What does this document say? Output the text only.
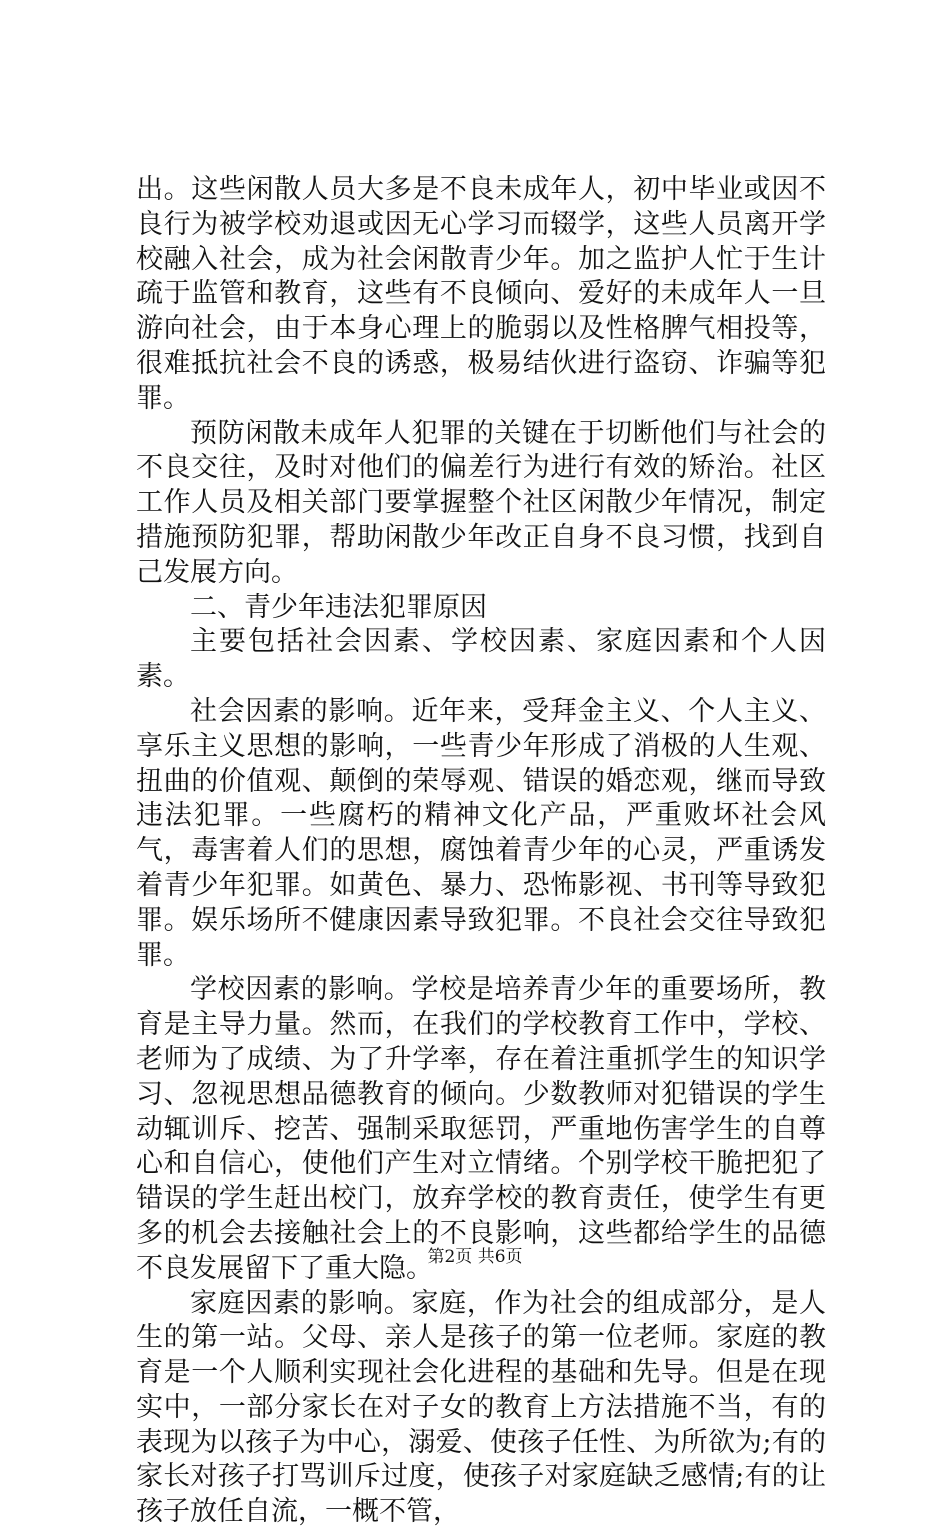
出。这些闲散人员大多是不良未成年人，初中毕业或因不良行为被学校劝退或因无心学习而辍学，这些人员离开学校融入社会，成为社会闲散青少年。加之监护人忙于生计疏于监管和教育，这些有不良倾向、爱好的未成年人一旦游向社会，由于本身心理上的脆弱以及性格脾气相投等，很难抵抗社会不良的诱惑，极易结伙进行盗窃、诈骗等犯罪。

预防闲散未成年人犯罪的关键在于切断他们与社会的不良交往，及时对他们的偏差行为进行有效的矫治。社区工作人员及相关部门要掌握整个社区闲散少年情况，制定措施预防犯罪，帮助闲散少年改正自身不良习惯，找到自己发展方向。

二、青少年违法犯罪原因

主要包括社会因素、学校因素、家庭因素和个人因素。

社会因素的影响。近年来，受拜金主义、个人主义、享乐主义思想的影响，一些青少年形成了消极的人生观、扭曲的价值观、颠倒的荣辱观、错误的婚恋观，继而导致违法犯罪。一些腐朽的精神文化产品，严重败坏社会风气，毒害着人们的思想，腐蚀着青少年的心灵，严重诱发着青少年犯罪。如黄色、暴力、恐怖影视、书刊等导致犯罪。娱乐场所不健康因素导致犯罪。不良社会交往导致犯罪。

学校因素的影响。学校是培养青少年的重要场所，教育是主导力量。然而，在我们的学校教育工作中，学校、老师为了成绩、为了升学率，存在着注重抓学生的知识学习、忽视思想品德教育的倾向。少数教师对犯错误的学生动辄训斥、挖苦、强制采取惩罚，严重地伤害学生的自尊心和自信心，使他们产生对立情绪。个别学校干脆把犯了错误的学生赶出校门，放弃学校的教育责任，使学生有更多的机会去接触社会上的不良影响，这些都给学生的品德不良发展留下了重大隐。

家庭因素的影响。家庭，作为社会的组成部分，是人生的第一站。父母、亲人是孩子的第一位老师。家庭的教育是一个人顺利实现社会化进程的基础和先导。但是在现实中，一部分家长在对子女的教育上方法措施不当，有的表现为以孩子为中心，溺爱、使孩子任性、为所欲为;有的家长对孩子打骂训斥过度，使孩子对家庭缺乏感情;有的让孩子放任自流，一概不管，

第2页 共6页
